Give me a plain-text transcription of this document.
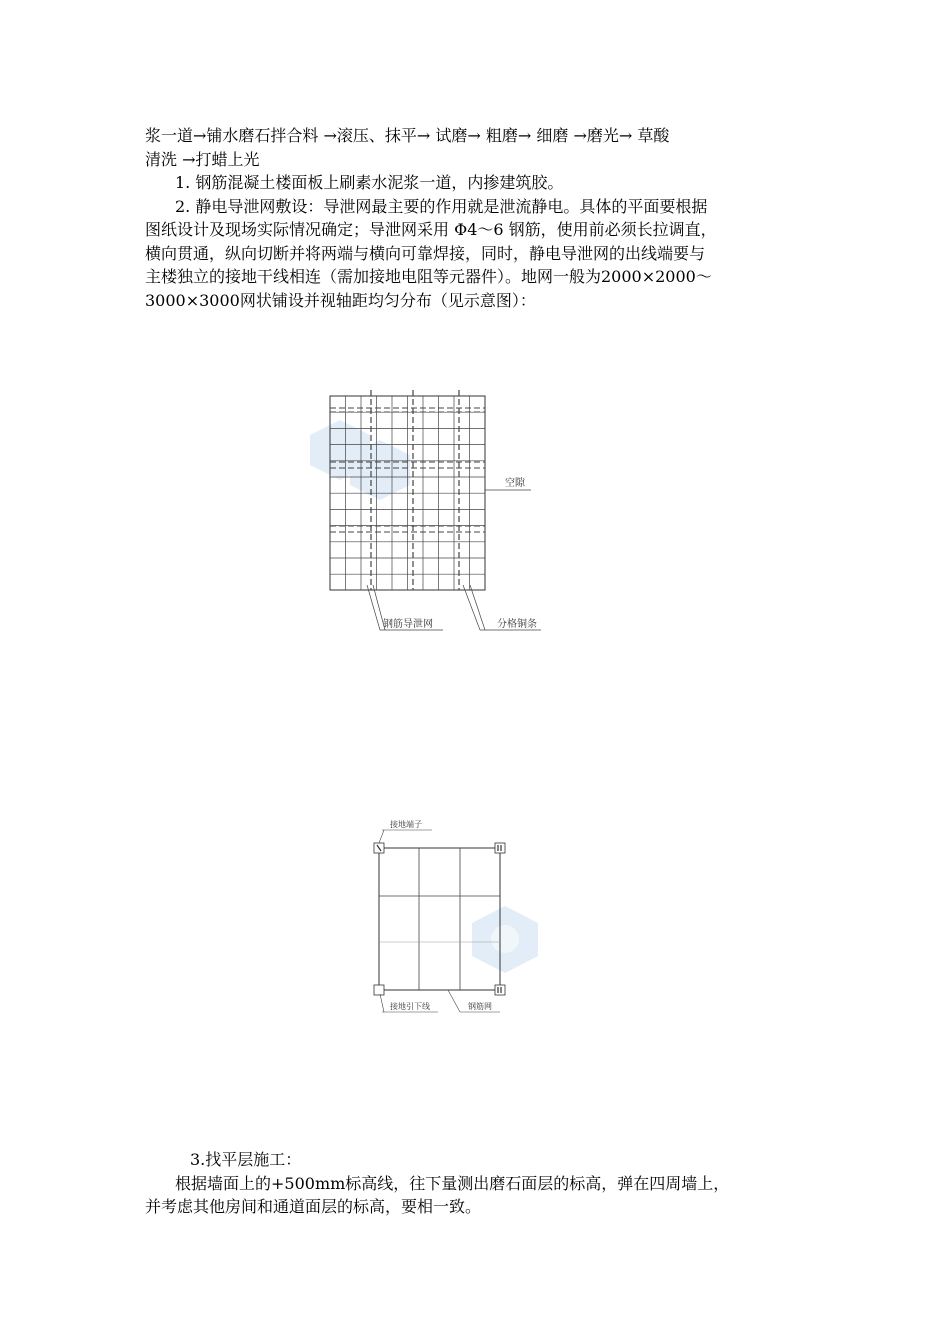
浆一道→铺水磨石拌合料 →滚压、抹平→ 试磨→ 粗磨→ 细磨 →磨光→ 草酸
清洗 →打蜡上光
1. 钢筋混凝土楼面板上刷素水泥浆一道，内掺建筑胶。
2. 静电导泄网敷设：导泄网最主要的作用就是泄流静电。具体的平面要根据
图纸设计及现场实际情况确定；导泄网采用 Φ4～6 钢筋，使用前必须长拉调直，
横向贯通，纵向切断并将两端与横向可靠焊接，同时，静电导泄网的出线端要与
主楼独立的接地干线相连（需加接地电阻等元器件）。地网一般为2000×2000～
3000×3000网状铺设并视轴距均匀分布（见示意图）：
空隙
钢筋导泄网	分格铜条
接地端子
接地引下线	钢筋网
3.找平层施工：
根据墙面上的+500mm标高线，往下量测出磨石面层的标高，弹在四周墙上，
并考虑其他房间和通道面层的标高，要相一致。
